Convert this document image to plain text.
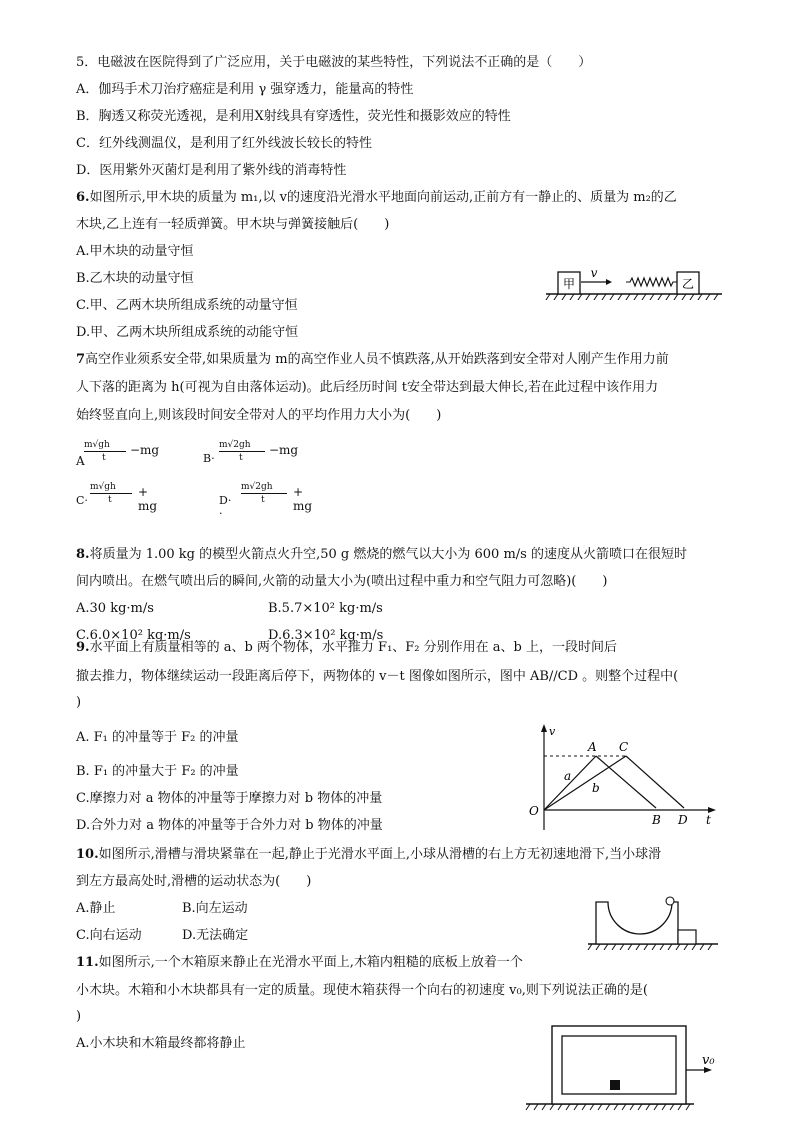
5．电磁波在医院得到了广泛应用，关于电磁波的某些特性，下列说法不正确的是（　　）
A．伽玛手术刀治疗癌症是利用 γ 强穿透力，能量高的特性
B．胸透又称荧光透视，是利用X射线具有穿透性，荧光性和摄影效应的特性
C．红外线测温仪，是利用了红外线波长较长的特性
D．医用紫外灭菌灯是利用了紫外线的消毒特性
6.如图所示,甲木块的质量为 m₁,以 v的速度沿光滑水平地面向前运动,正前方有一静止的、质量为 m₂的乙
木块,乙上连有一轻质弹簧。甲木块与弹簧接触后(　　)
A.甲木块的动量守恒
B.乙木块的动量守恒
C.甲、乙两木块所组成系统的动量守恒
D.甲、乙两木块所组成系统的动能守恒
甲
v
乙
7高空作业须系安全带,如果质量为 m的高空作业人员不慎跌落,从开始跌落到安全带对人刚产生作用力前
人下落的距离为 h(可视为自由落体运动)。此后经历时间 t安全带达到最大伸长,若在此过程中该作用力
始终竖直向上,则该段时间安全带对人的平均作用力大小为(　　)
A
m√gh
t
−mg
B·
m√2gh
t
−mg
C·
m√gh
t
+ mg	D· ·
m√2gh
t
+ mg
8.将质量为 1.00 kg 的模型火箭点火升空,50 g 燃烧的燃气以大小为 600 m/s 的速度从火箭喷口在很短时
间内喷出。在燃气喷出后的瞬间,火箭的动量大小为(喷出过程中重力和空气阻力可忽略)(　　)
A.30 kg·m/s	B.5.7×10² kg·m/s
C.6.0×10² kg·m/s	D.6.3×10² kg·m/s
9.水平面上有质量相等的 a、b 两个物体，水平推力 F₁、F₂ 分别作用在 a、b 上，一段时间后
撤去推力，物体继续运动一段距离后停下，两物体的 v－t 图像如图所示，图中 AB//CD 。则整个过程中(
)
A. F₁ 的冲量等于 F₂ 的冲量
B. F₁ 的冲量大于 F₂ 的冲量
C.摩擦力对 a 物体的冲量等于摩擦力对 b 物体的冲量
D.合外力对 a 物体的冲量等于合外力对 b 物体的冲量
v
t
O
A C
a
b
B D
10.如图所示,滑槽与滑块紧靠在一起,静止于光滑水平面上,小球从滑槽的右上方无初速地滑下,当小球滑
到左方最高处时,滑槽的运动状态为(　　)
A.静止	B.向左运动
C.向右运动	D.无法确定
11.如图所示,一个木箱原来静止在光滑水平面上,木箱内粗糙的底板上放着一个
小木块。木箱和小木块都具有一定的质量。现使木箱获得一个向右的初速度 v₀,则下列说法正确的是(
)
A.小木块和木箱最终都将静止
v₀
